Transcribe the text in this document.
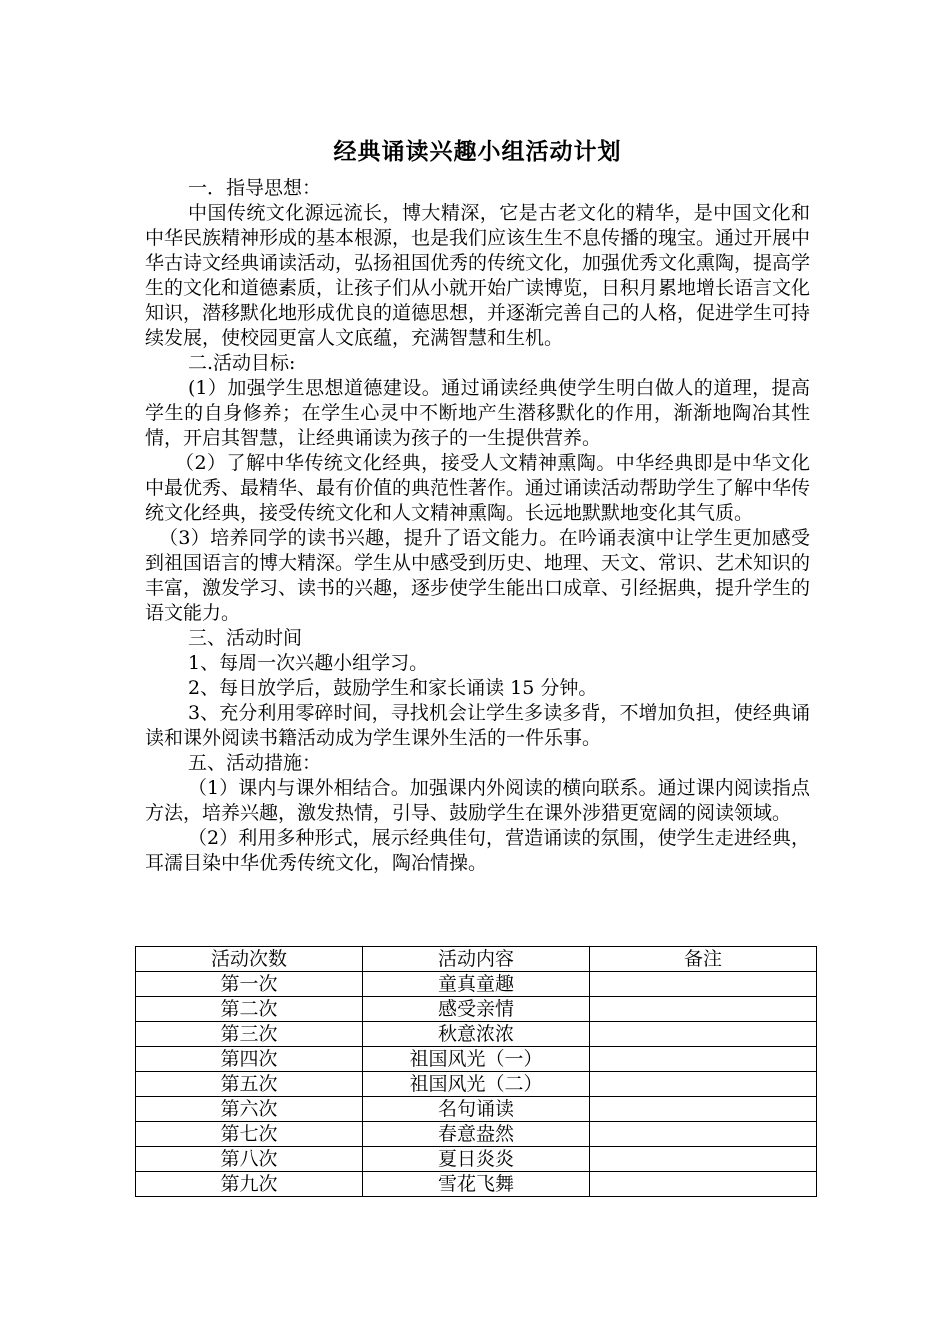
经典诵读兴趣小组活动计划

一．指导思想：

中国传统文化源远流长，博大精深，它是古老文化的精华，是中国文化和中华民族精神形成的基本根源，也是我们应该生生不息传播的瑰宝。通过开展中华古诗文经典诵读活动，弘扬祖国优秀的传统文化，加强优秀文化熏陶，提高学生的文化和道德素质，让孩子们从小就开始广读博览，日积月累地增长语言文化知识，潜移默化地形成优良的道德思想，并逐渐完善自己的人格，促进学生可持续发展，使校园更富人文底蕴，充满智慧和生机。

二.活动目标:

(1）加强学生思想道德建设。通过诵读经典使学生明白做人的道理，提高学生的自身修养；在学生心灵中不断地产生潜移默化的作用，渐渐地陶冶其性情，开启其智慧，让经典诵读为孩子的一生提供营养。

（2）了解中华传统文化经典，接受人文精神熏陶。中华经典即是中华文化中最优秀、最精华、最有价值的典范性著作。通过诵读活动帮助学生了解中华传统文化经典，接受传统文化和人文精神熏陶。长远地默默地变化其气质。

（3）培养同学的读书兴趣，提升了语文能力。在吟诵表演中让学生更加感受到祖国语言的博大精深。学生从中感受到历史、地理、天文、常识、艺术知识的丰富，激发学习、读书的兴趣，逐步使学生能出口成章、引经据典，提升学生的语文能力。

三、活动时间

1、每周一次兴趣小组学习。

2、每日放学后，鼓励学生和家长诵读 15 分钟。

3、充分利用零碎时间，寻找机会让学生多读多背，不增加负担，使经典诵读和课外阅读书籍活动成为学生课外生活的一件乐事。

五、活动措施：

（1）课内与课外相结合。加强课内外阅读的横向联系。通过课内阅读指点方法，培养兴趣，激发热情，引导、鼓励学生在课外涉猎更宽阔的阅读领域。

（2）利用多种形式，展示经典佳句，营造诵读的氛围，使学生走进经典，耳濡目染中华优秀传统文化，陶冶情操。

活动次数	活动内容	备注
第一次	童真童趣	
第二次	感受亲情	
第三次	秋意浓浓	
第四次	祖国风光（一）	
第五次	祖国风光（二）	
第六次	名句诵读	
第七次	春意盎然	
第八次	夏日炎炎	
第九次	雪花飞舞	
